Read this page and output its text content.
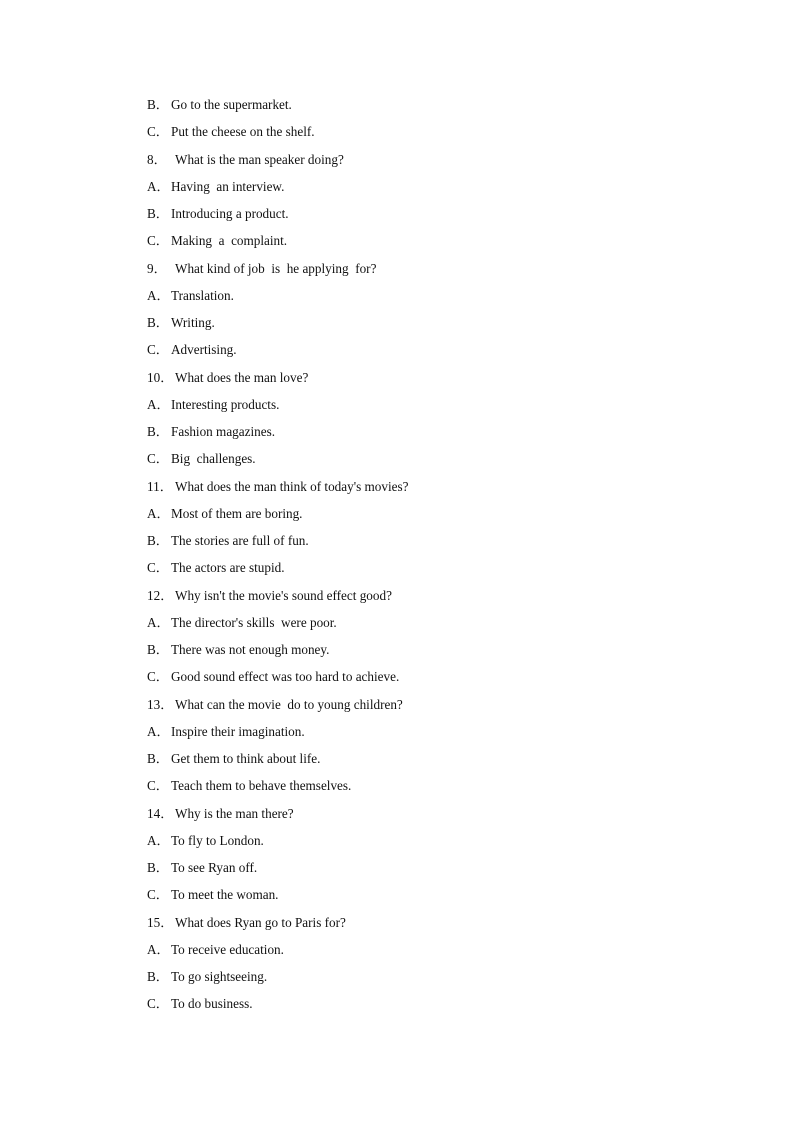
B． Go to the supermarket.
C． Put the cheese on the shelf.
8． What is the man speaker doing?
A． Having  an interview.
B． Introducing a product.
C． Making  a  complaint.
9． What kind of job  is  he applying  for?
A． Translation.
B． Writing.
C． Advertising.
10． What does the man love?
A． Interesting products.
B． Fashion magazines.
C． Big  challenges.
11． What does the man think of today's movies?
A． Most of them are boring.
B． The stories are full of fun.
C． The actors are stupid.
12． Why isn't the movie's sound effect good?
A． The director's skills  were poor.
B． There was not enough money.
C． Good sound effect was too hard to achieve.
13． What can the movie  do to young children?
A． Inspire their imagination.
B． Get them to think about life.
C． Teach them to behave themselves.
14． Why is the man there?
A． To fly to London.
B． To see Ryan off.
C． To meet the woman.
15． What does Ryan go to Paris for?
A． To receive education.
B． To go sightseeing.
C． To do business.
